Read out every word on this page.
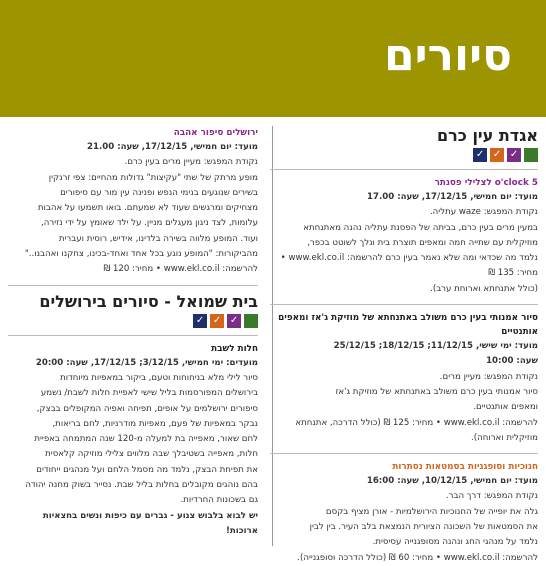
סיורים

אגדת עין כרם

✓
✓
✓

5 o'clock לצלילי פסנתר

מועד: יום חמישי, 17/12/15, שעה: 17.00

נקודת המפגש: waze עתליה.

במעין מרים בעין כרם, בביתה של הפסנת עתליה נהנה מאתנחתא

מוזיקלית עם שתייה חמה ומאפים תוצרת בית ונלך לשוטט בכפר,

נלמד מה שכדאי ומה שלא נאמר בעין כרם להרשמה: www.ekl.co.il • מחיר: 135 ₪

(כולל אתנחתא וארוחת ערב).

סיור אמנותי בעין כרם משולב באתנחתא של מוזיקת ג'אז ומאפים אותנטיים

מועד: ימי שישי, 11/12/15; 18/12/15; 25/12/15

שעה: 10:00

נקודת המפגש: מעיין מרים.

סיור אמנותי בעין כרם משולב באתנחתא של מוזיקת ג'אז

ומאפים אותנטיים.

להרשמה: www.ekl.co.il • מחיר: 125 ₪ (כולל הדרכה, אתנחתא

מוזיקלית וארוחה).

חנוכיות וסופגניות בסמטאות נסתרות

מועד: יום חמישי, 10/12/15, שעה: 16:00

נקודת המפגש: דרך הבר.

גלה את יופייה של החנוכיות הירושלמיות - אורן מציף בקסם

את הסמטאות של השכונה הציורית הנמצאת בלב העיר. בין לבין

נלמד על מנהגי החג ונהנה מסופגנייה עסיסית.

להרשמה: www.ekl.co.il • מחיר: 60 ₪ (כולל הדרכה וסופגנייה).

ירושלים סיפור אהבה

מועד: יום חמישי, 17/12/15, שעה: 21.00

נקודת המפגש: מעיין מרים בעין כרם.

מופע מרתק של שתי "עקיצות" גדולות מהחיים: צפי זרנקין

בשירים שנוגעים בנימי הנפש ופנינה עין מור עם סיפורים

מצחיקים ומרגשים שעוד לא שמעתם. בואו תשמעו על אהבות

עלומות, לצד ניגון מעגלים מניין. על ילד שאומץ על ידי נזירה,

ועוד. המופע מלווה בשירה בלדינו, אידיש, רוסית ועברית

מהביקורות: "המופע נוגע בכל אחד ואחד-בכינו, צחקנו ואהבנו.."

להרשמה: www.ekl.co.il • מחיר: 120 ₪

בית שמואל - סיורים בירושלים

✓
✓
✓

חלות לשבת

מועדים: ימי חמישי, 3/12/15; 17/12/15, שעה: 20:00

סיור לילי מלא בניחוחות וטעם, ביקור במאפיות מיוחדות

בירושלים המפורסמות בליל שישי לאפיית חלות לשבת/ נשמע

סיפורים ירושלמים על אופים, תפיחה ואפיה המקופלים בבצק,

נבקר במאפיות של פעם, מאפיות מודרניות, לחם בריאות,

לחם שאור, מאפייה בת למעלה מ-120 שנה המתמחה באפיית

חלות, מאפייה בשטיבלך שבה מלווים צלילי מוזיקה קלאסית

את תפיחת הבצק, נלמד מה מסמל הלחם ועל מנהגים ייחודים

בהם נוהגים מקובלים בחלות בליל שבת. נסייר בשוק מחנה יהודה

גם בשכונות החרדיות.

יש לבוא בלבוש צנוע - גברים עם כיפות ונשים בחצאיות ארוכות!
